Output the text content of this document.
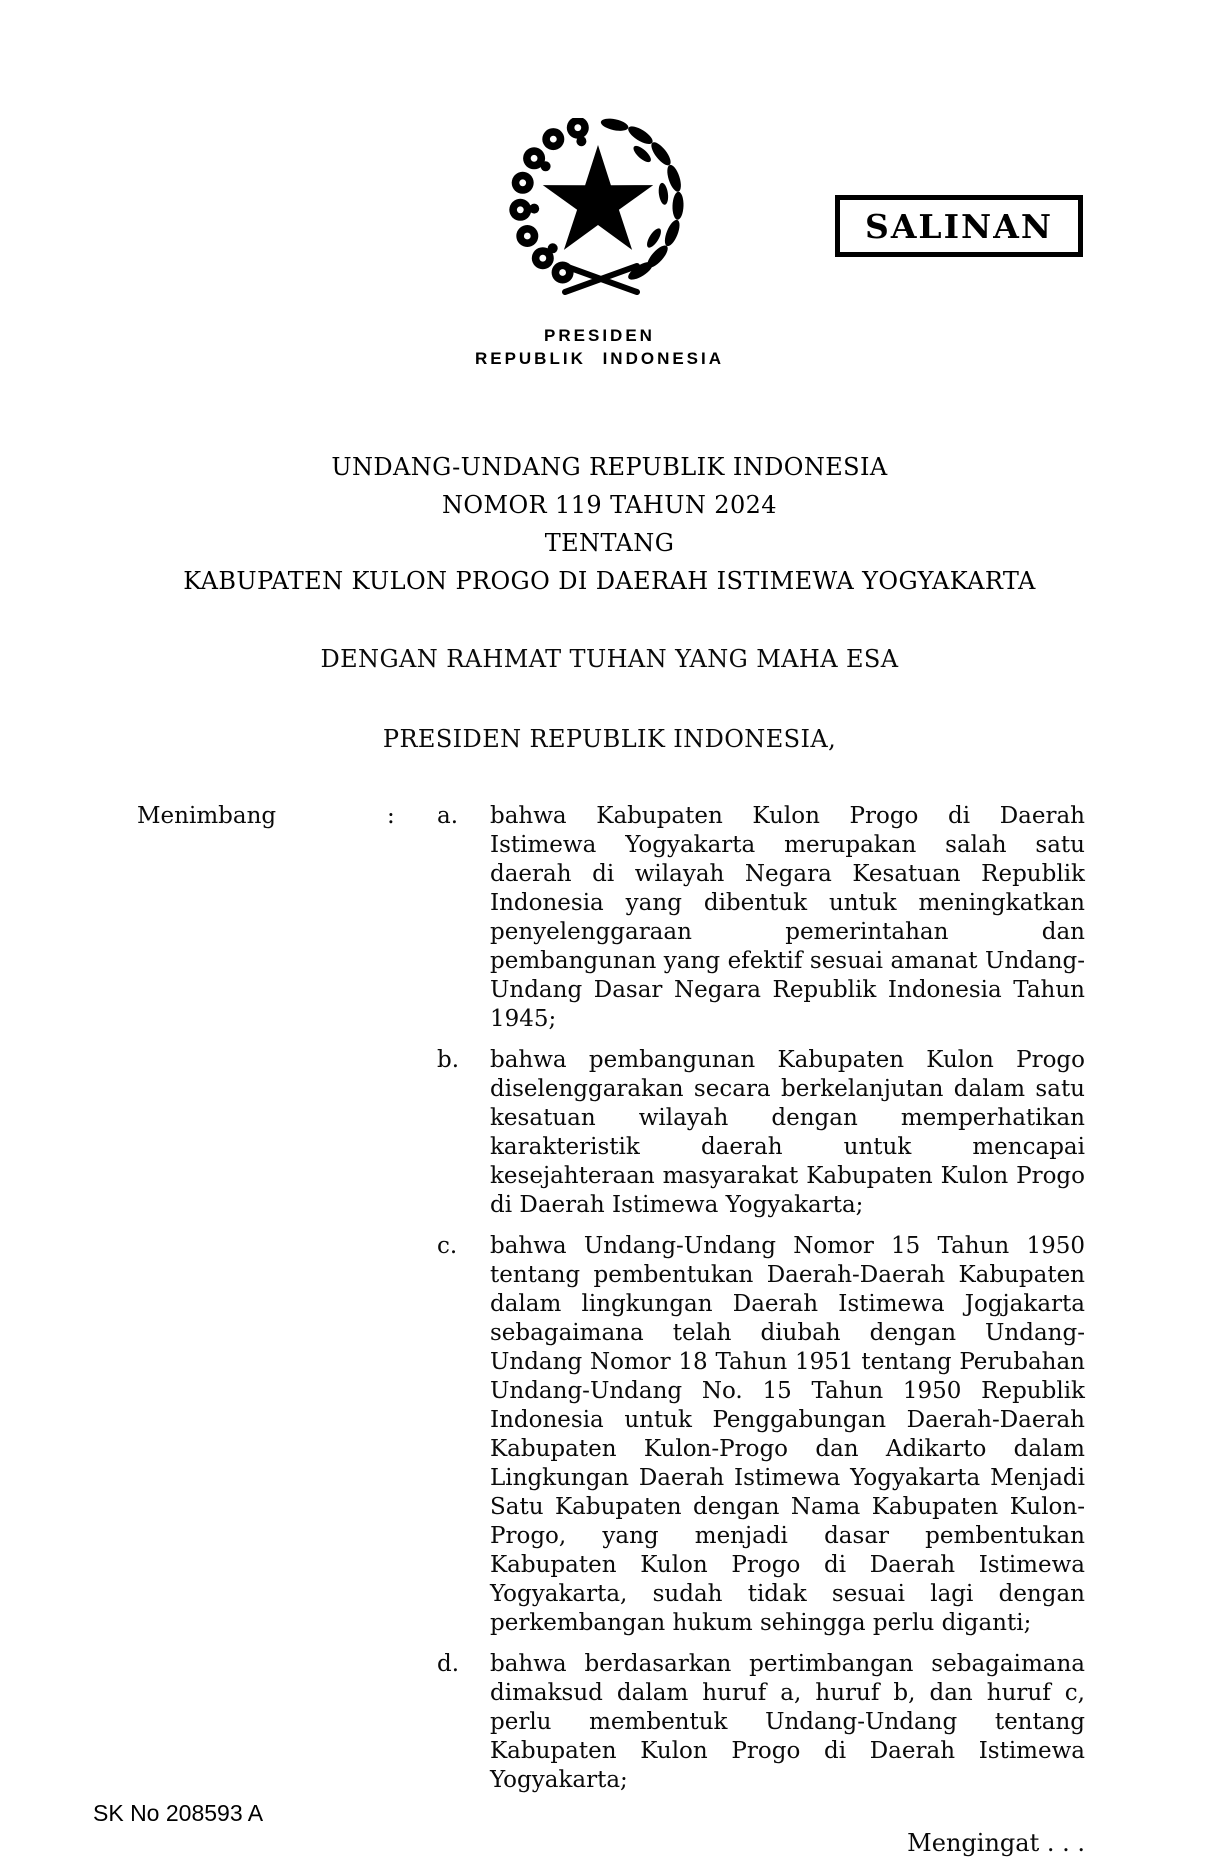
PRESIDEN
REPUBLIK INDONESIA
SALINAN
UNDANG-UNDANG REPUBLIK INDONESIA
NOMOR 119 TAHUN 2024
TENTANG
KABUPATEN KULON PROGO DI DAERAH ISTIMEWA YOGYAKARTA
DENGAN RAHMAT TUHAN YANG MAHA ESA
PRESIDEN REPUBLIK INDONESIA,
Menimbang	:	a.	bahwa Kabupaten Kulon Progo di Daerah Istimewa Yogyakarta merupakan salah satu daerah di wilayah Negara Kesatuan Republik Indonesia yang dibentuk untuk meningkatkan penyelenggaraan pemerintahan dan pembangunan yang efektif sesuai amanat Undang-Undang Dasar Negara Republik Indonesia Tahun 1945;
b.	bahwa pembangunan Kabupaten Kulon Progo diselenggarakan secara berkelanjutan dalam satu kesatuan wilayah dengan memperhatikan karakteristik daerah untuk mencapai kesejahteraan masyarakat Kabupaten Kulon Progo di Daerah Istimewa Yogyakarta;
c.	bahwa Undang-Undang Nomor 15 Tahun 1950 tentang pembentukan Daerah-Daerah Kabupaten dalam lingkungan Daerah Istimewa Jogjakarta sebagaimana telah diubah dengan Undang-Undang Nomor 18 Tahun 1951 tentang Perubahan Undang-Undang No. 15 Tahun 1950 Republik Indonesia untuk Penggabungan Daerah-Daerah Kabupaten Kulon-Progo dan Adikarto dalam Lingkungan Daerah Istimewa Yogyakarta Menjadi Satu Kabupaten dengan Nama Kabupaten Kulon-Progo, yang menjadi dasar pembentukan Kabupaten Kulon Progo di Daerah Istimewa Yogyakarta, sudah tidak sesuai lagi dengan perkembangan hukum sehingga perlu diganti;
d.	bahwa berdasarkan pertimbangan sebagaimana dimaksud dalam huruf a, huruf b, dan huruf c, perlu membentuk Undang-Undang tentang Kabupaten Kulon Progo di Daerah Istimewa Yogyakarta;
Mengingat . . .
SK No 208593 A
